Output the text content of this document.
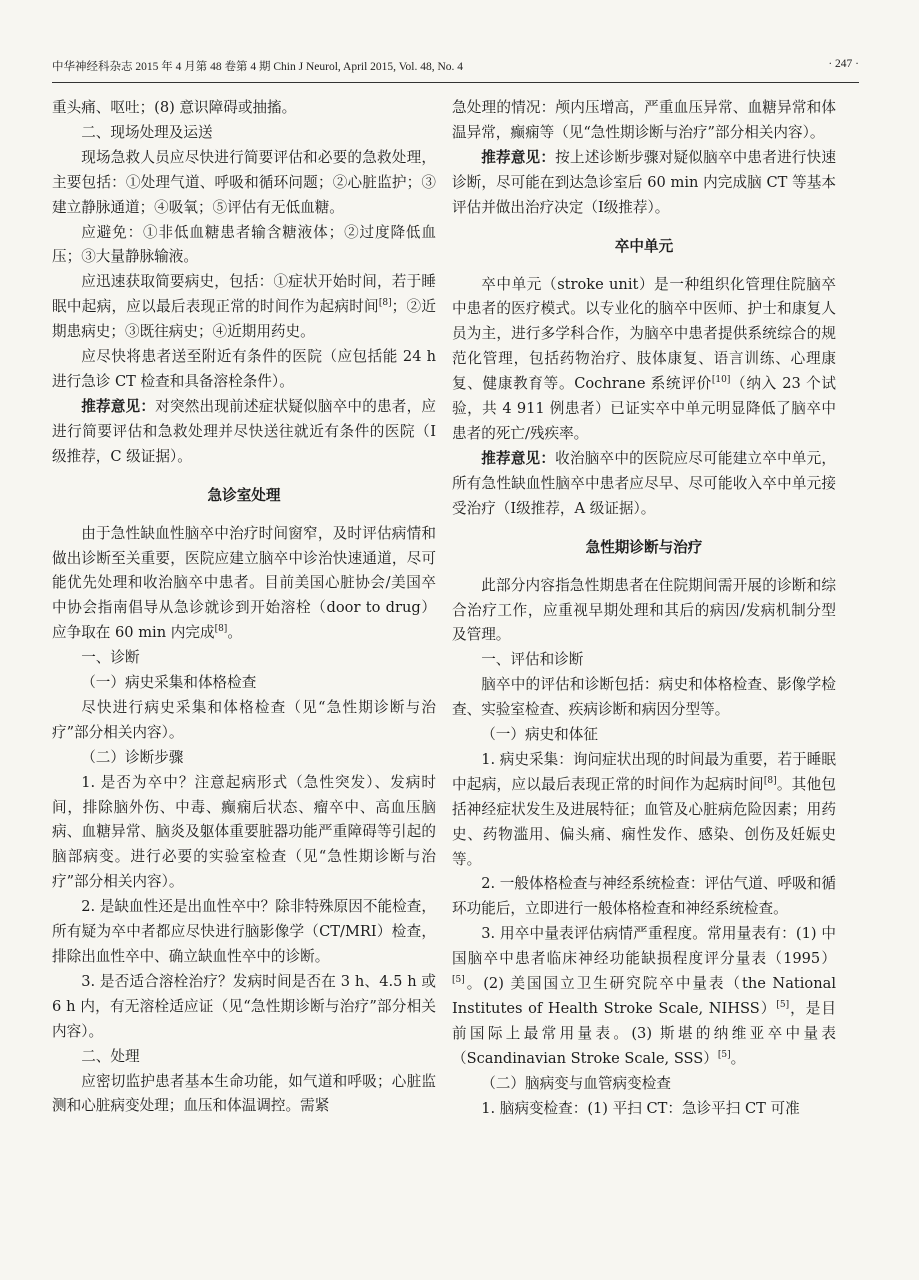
中华神经科杂志 2015 年 4 月第 48 卷第 4 期 Chin J Neurol, April 2015, Vol. 48, No. 4	· 247 ·

重头痛、呕吐；(8) 意识障碍或抽搐。

二、现场处理及运送

现场急救人员应尽快进行简要评估和必要的急救处理，主要包括：①处理气道、呼吸和循环问题；②心脏监护；③建立静脉通道；④吸氧；⑤评估有无低血糖。

应避免：①非低血糖患者输含糖液体；②过度降低血压；③大量静脉输液。

应迅速获取简要病史，包括：①症状开始时间，若于睡眠中起病，应以最后表现正常的时间作为起病时间[8]；②近期患病史；③既往病史；④近期用药史。

应尽快将患者送至附近有条件的医院（应包括能 24 h 进行急诊 CT 检查和具备溶栓条件）。

推荐意见：对突然出现前述症状疑似脑卒中的患者，应进行简要评估和急救处理并尽快送往就近有条件的医院（Ⅰ级推荐，C 级证据）。

急诊室处理

由于急性缺血性脑卒中治疗时间窗窄，及时评估病情和做出诊断至关重要，医院应建立脑卒中诊治快速通道，尽可能优先处理和收治脑卒中患者。目前美国心脏协会/美国卒中协会指南倡导从急诊就诊到开始溶栓（door to drug）应争取在 60 min 内完成[8]。

一、诊断

（一）病史采集和体格检查

尽快进行病史采集和体格检查（见“急性期诊断与治疗”部分相关内容）。

（二）诊断步骤

1. 是否为卒中？注意起病形式（急性突发）、发病时间，排除脑外伤、中毒、癫痫后状态、瘤卒中、高血压脑病、血糖异常、脑炎及躯体重要脏器功能严重障碍等引起的脑部病变。进行必要的实验室检查（见“急性期诊断与治疗”部分相关内容）。

2. 是缺血性还是出血性卒中？除非特殊原因不能检查，所有疑为卒中者都应尽快进行脑影像学（CT/MRI）检查，排除出血性卒中、确立缺血性卒中的诊断。

3. 是否适合溶栓治疗？发病时间是否在 3 h、4.5 h 或 6 h 内，有无溶栓适应证（见“急性期诊断与治疗”部分相关内容）。

二、处理

应密切监护患者基本生命功能，如气道和呼吸；心脏监测和心脏病变处理；血压和体温调控。需紧

急处理的情况：颅内压增高，严重血压异常、血糖异常和体温异常，癫痫等（见“急性期诊断与治疗”部分相关内容）。

推荐意见：按上述诊断步骤对疑似脑卒中患者进行快速诊断，尽可能在到达急诊室后 60 min 内完成脑 CT 等基本评估并做出治疗决定（Ⅰ级推荐）。

卒中单元

卒中单元（stroke unit）是一种组织化管理住院脑卒中患者的医疗模式。以专业化的脑卒中医师、护士和康复人员为主，进行多学科合作，为脑卒中患者提供系统综合的规范化管理，包括药物治疗、肢体康复、语言训练、心理康复、健康教育等。Cochrane 系统评价[10]（纳入 23 个试验，共 4 911 例患者）已证实卒中单元明显降低了脑卒中患者的死亡/残疾率。

推荐意见：收治脑卒中的医院应尽可能建立卒中单元，所有急性缺血性脑卒中患者应尽早、尽可能收入卒中单元接受治疗（Ⅰ级推荐，A 级证据）。

急性期诊断与治疗

此部分内容指急性期患者在住院期间需开展的诊断和综合治疗工作，应重视早期处理和其后的病因/发病机制分型及管理。

一、评估和诊断

脑卒中的评估和诊断包括：病史和体格检查、影像学检查、实验室检查、疾病诊断和病因分型等。

（一）病史和体征

1. 病史采集：询问症状出现的时间最为重要，若于睡眠中起病，应以最后表现正常的时间作为起病时间[8]。其他包括神经症状发生及进展特征；血管及心脏病危险因素；用药史、药物滥用、偏头痛、痫性发作、感染、创伤及妊娠史等。

2. 一般体格检查与神经系统检查：评估气道、呼吸和循环功能后，立即进行一般体格检查和神经系统检查。

3. 用卒中量表评估病情严重程度。常用量表有：(1) 中国脑卒中患者临床神经功能缺损程度评分量表（1995）[5]。(2) 美国国立卫生研究院卒中量表（the National Institutes of Health Stroke Scale, NIHSS）[5]，是目前国际上最常用量表。(3) 斯堪的纳维亚卒中量表（Scandinavian Stroke Scale, SSS）[5]。

（二）脑病变与血管病变检查

1. 脑病变检查：(1) 平扫 CT：急诊平扫 CT 可准
